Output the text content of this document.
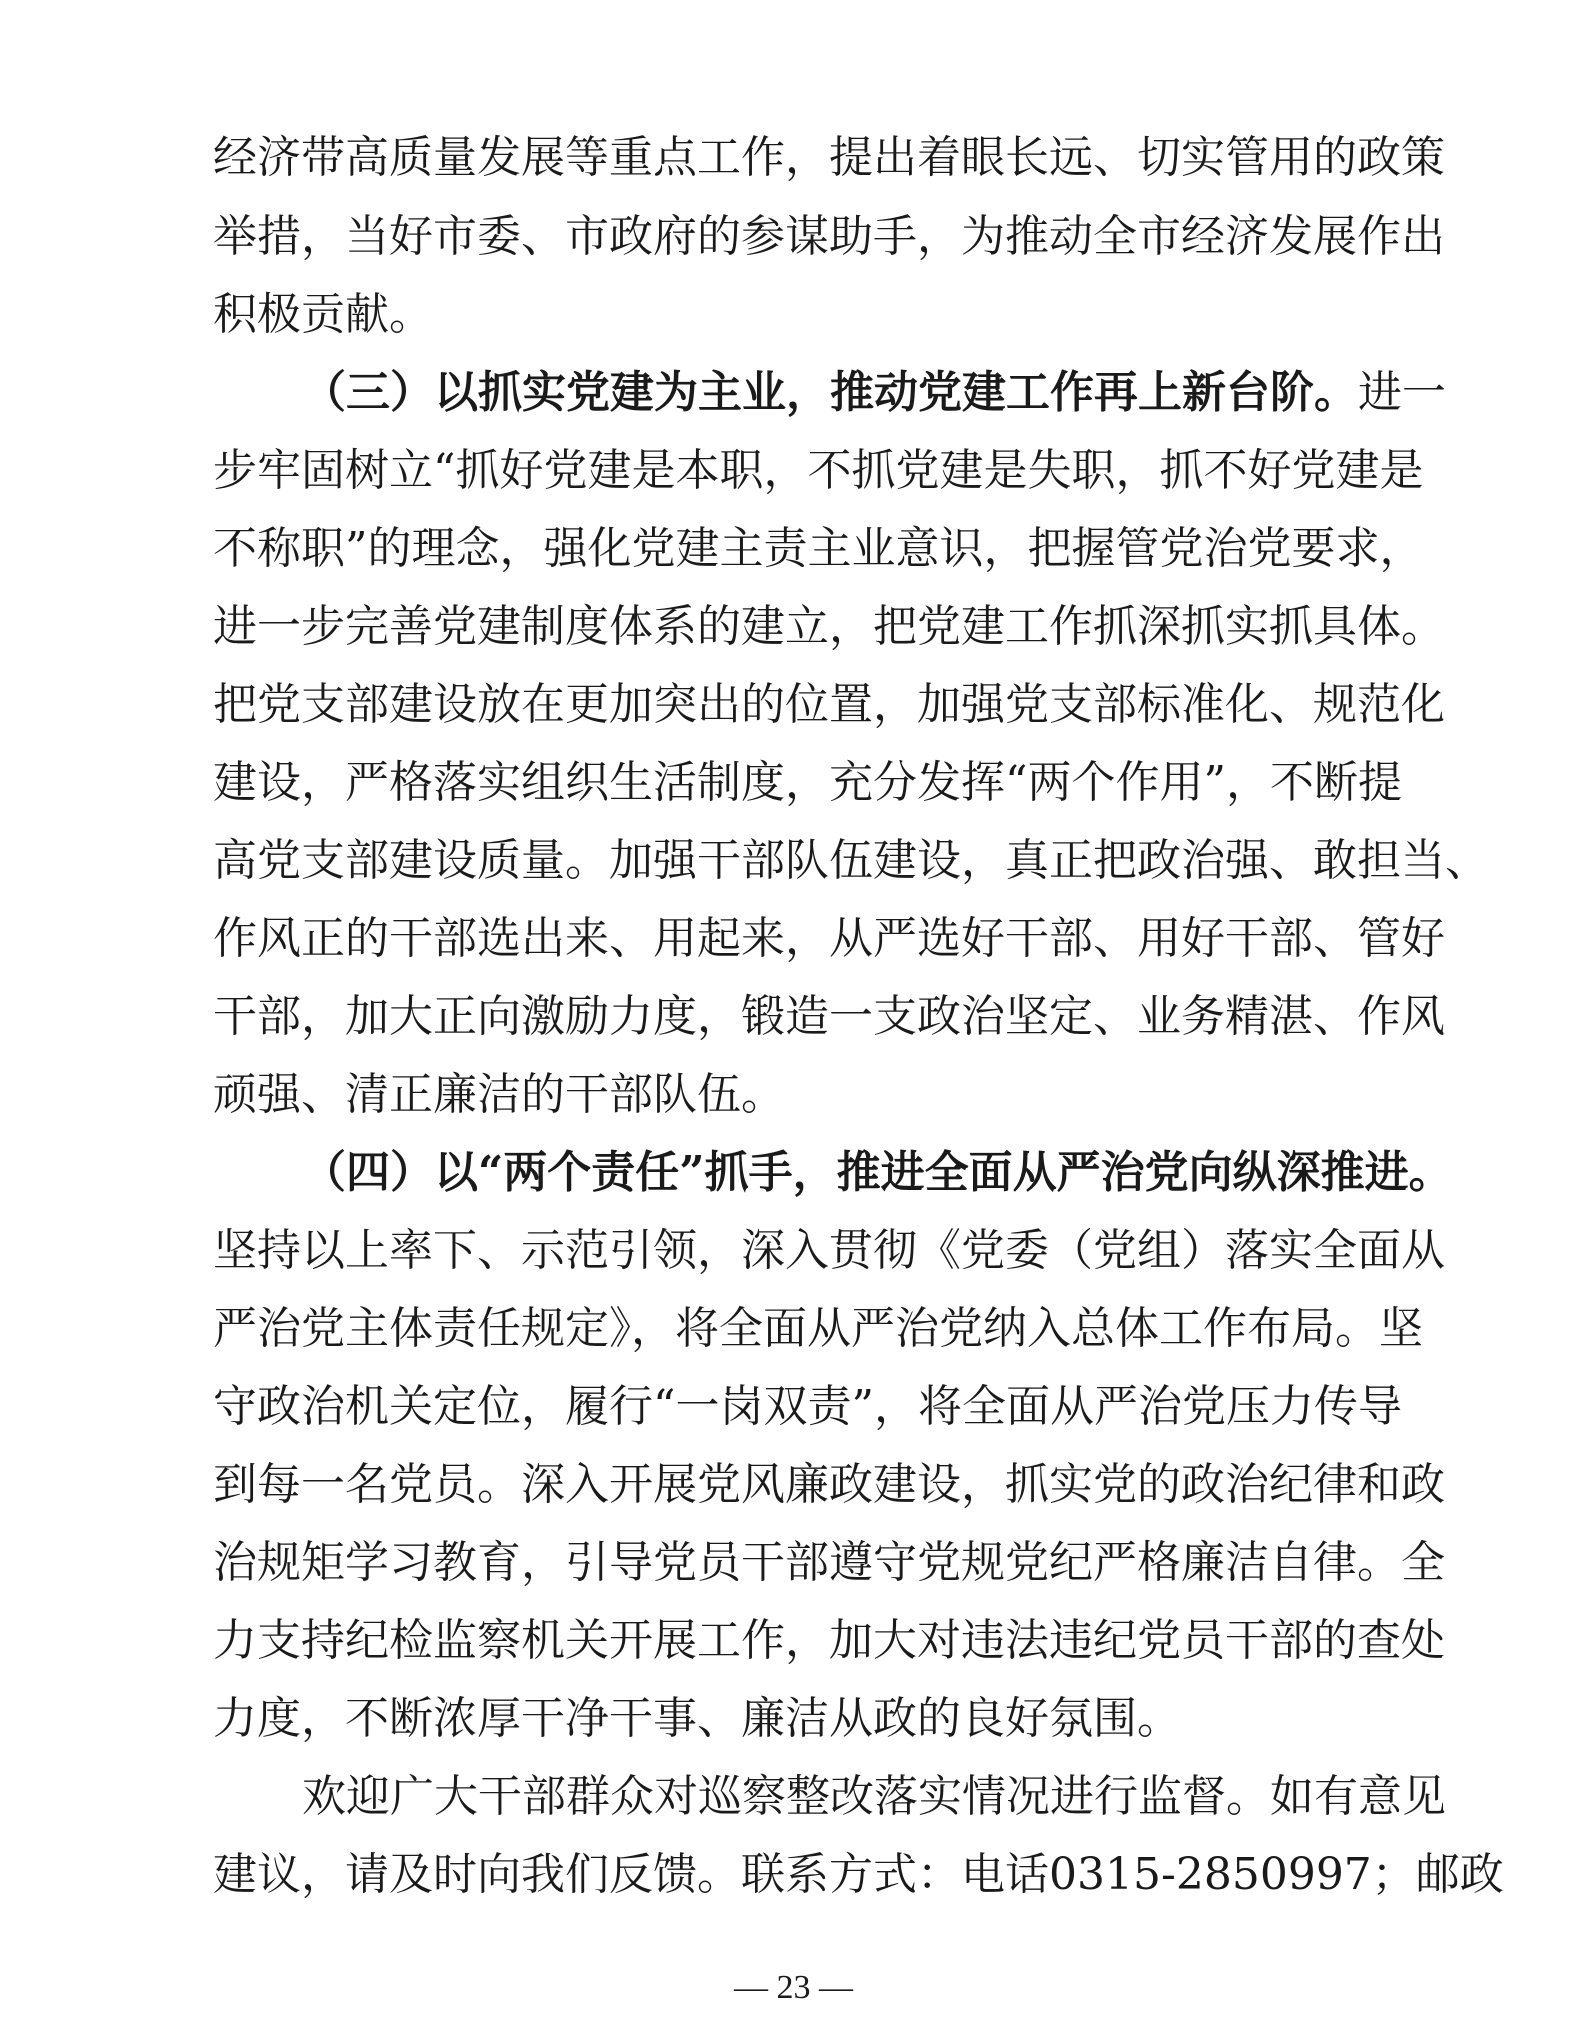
经济带高质量发展等重点工作，提出着眼长远、切实管用的政策
举措，当好市委、市政府的参谋助手，为推动全市经济发展作出
积极贡献。
（三）以抓实党建为主业，推动党建工作再上新台阶。进一
步牢固树立“抓好党建是本职，不抓党建是失职，抓不好党建是
不称职”的理念，强化党建主责主业意识，把握管党治党要求，
进一步完善党建制度体系的建立，把党建工作抓深抓实抓具体。
把党支部建设放在更加突出的位置，加强党支部标准化、规范化
建设，严格落实组织生活制度，充分发挥“两个作用”，不断提
高党支部建设质量。加强干部队伍建设，真正把政治强、敢担当、
作风正的干部选出来、用起来，从严选好干部、用好干部、管好
干部，加大正向激励力度，锻造一支政治坚定、业务精湛、作风
顽强、清正廉洁的干部队伍。
（四）以“两个责任”抓手，推进全面从严治党向纵深推进。
坚持以上率下、示范引领，深入贯彻《党委（党组）落实全面从
严治党主体责任规定》，将全面从严治党纳入总体工作布局。坚
守政治机关定位，履行“一岗双责”，将全面从严治党压力传导
到每一名党员。深入开展党风廉政建设，抓实党的政治纪律和政
治规矩学习教育，引导党员干部遵守党规党纪严格廉洁自律。全
力支持纪检监察机关开展工作，加大对违法违纪党员干部的查处
力度，不断浓厚干净干事、廉洁从政的良好氛围。
欢迎广大干部群众对巡察整改落实情况进行监督。如有意见
建议，请及时向我们反馈。联系方式：电话0315-2850997；邮政
— 23 —
